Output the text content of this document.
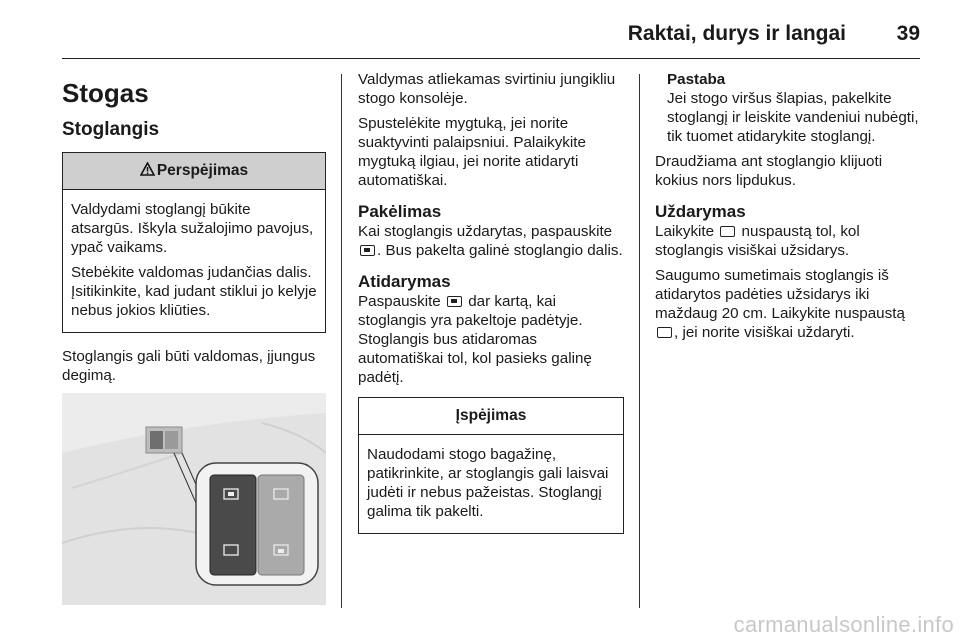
Raktai, durys ir langai 39
Stogas
Stoglangis
Perspėjimas

Valdydami stoglangį būkite atsargūs. Iškyla sužalojimo pavojus, ypač vaikams.

Stebėkite valdomas judančias dalis. Įsitikinkite, kad judant stiklui jo kelyje nebus jokios kliūties.

Stoglangis gali būti valdomas, įjungus degimą.

Valdymas atliekamas svirtiniu jungikliu stogo konsolėje.

Spustelėkite mygtuką, jei norite suaktyvinti palaipsniui. Palaikykite mygtuką ilgiau, jei norite atidaryti automatiškai.

Pakėlimas

Kai stoglangis uždarytas, paspauskite . Bus pakelta galinė stoglangio dalis.

Atidarymas

Paspauskite  dar kartą, kai stoglangis yra pakeltoje padėtyje. Stoglangis bus atidaromas automatiškai tol, kol pasieks galinę padėtį.

Įspėjimas

Naudodami stogo bagažinę, patikrinkite, ar stoglangis gali laisvai judėti ir nebus pažeistas. Stoglangį galima tik pakelti.

Pastaba

Jei stogo viršus šlapias, pakelkite stoglangį ir leiskite vandeniui nubėgti, tik tuomet atidarykite stoglangį.

Draudžiama ant stoglangio klijuoti kokius nors lipdukus.

Uždarymas

Laikykite  nuspaustą tol, kol stoglangis visiškai užsidarys.

Saugumo sumetimais stoglangis iš atidarytos padėties užsidarys iki maždaug 20 cm. Laikykite nuspaustą
, jei norite visiškai uždaryti.

carmanualsonline.info
